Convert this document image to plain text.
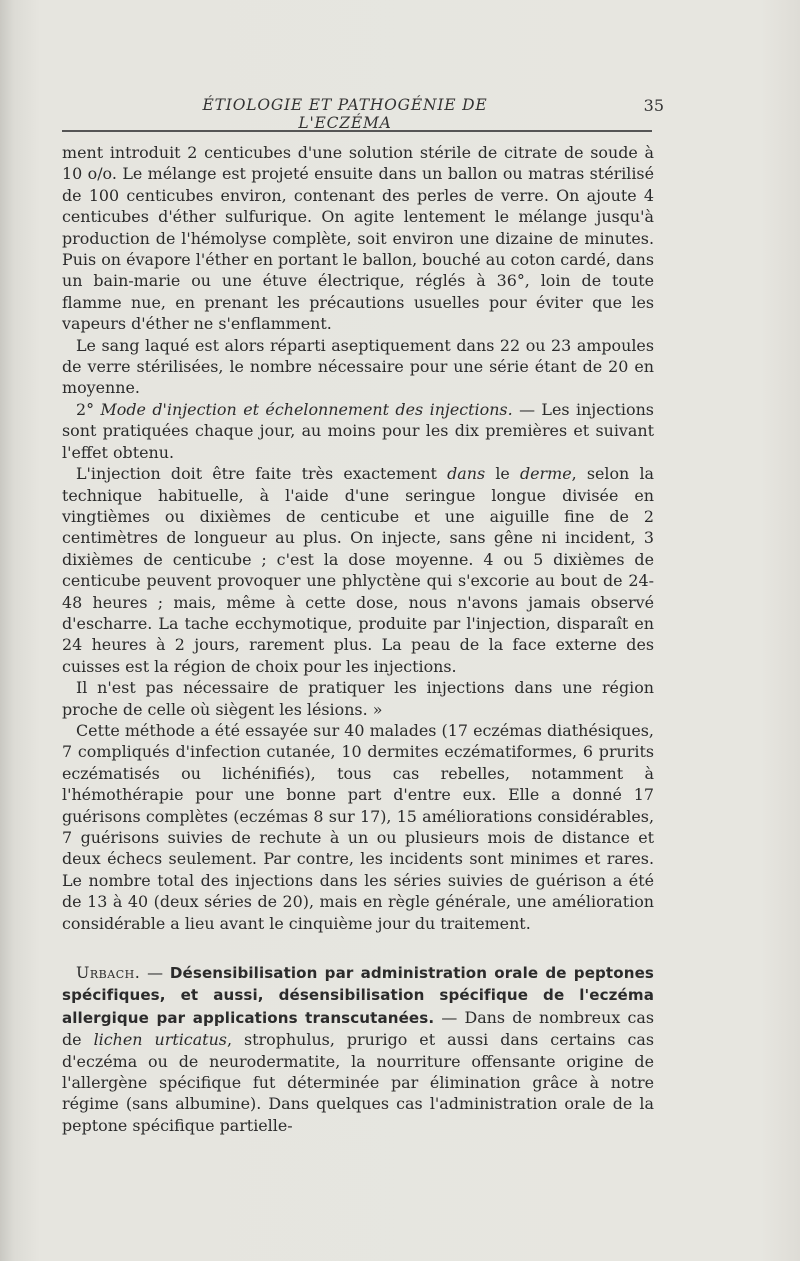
ÉTIOLOGIE ET PATHOGÉNIE DE L'ECZÉMA
35

ment introduit 2 centicubes d'une solution stérile de citrate de soude à 10 o/o. Le mélange est projeté ensuite dans un ballon ou matras stérilisé de 100 centicubes environ, contenant des perles de verre. On ajoute 4 centicubes d'éther sulfurique. On agite lentement le mélange jusqu'à production de l'hémolyse complète, soit environ une dizaine de minutes. Puis on évapore l'éther en portant le ballon, bouché au coton cardé, dans un bain-marie ou une étuve électrique, réglés à 36°, loin de toute flamme nue, en prenant les précautions usuelles pour éviter que les vapeurs d'éther ne s'enflamment.

Le sang laqué est alors réparti aseptiquement dans 22 ou 23 ampoules de verre stérilisées, le nombre nécessaire pour une série étant de 20 en moyenne.

2° Mode d'injection et échelonnement des injections. — Les injections sont pratiquées chaque jour, au moins pour les dix premières et suivant l'effet obtenu.

L'injection doit être faite très exactement dans le derme, selon la technique habituelle, à l'aide d'une seringue longue divisée en vingtièmes ou dixièmes de centicube et une aiguille fine de 2 centimètres de longueur au plus. On injecte, sans gêne ni incident, 3 dixièmes de centicube ; c'est la dose moyenne. 4 ou 5 dixièmes de centicube peuvent provoquer une phlyctène qui s'excorie au bout de 24-48 heures ; mais, même à cette dose, nous n'avons jamais observé d'escharre. La tache ecchymotique, produite par l'injection, disparaît en 24 heures à 2 jours, rarement plus. La peau de la face externe des cuisses est la région de choix pour les injections.

Il n'est pas nécessaire de pratiquer les injections dans une région proche de celle où siègent les lésions. »

Cette méthode a été essayée sur 40 malades (17 eczémas diathésiques, 7 compliqués d'infection cutanée, 10 dermites eczématiformes, 6 prurits eczématisés ou lichénifiés), tous cas rebelles, notamment à l'hémothérapie pour une bonne part d'entre eux. Elle a donné 17 guérisons complètes (eczémas 8 sur 17), 15 améliorations considérables, 7 guérisons suivies de rechute à un ou plusieurs mois de distance et deux échecs seulement. Par contre, les incidents sont minimes et rares. Le nombre total des injections dans les séries suivies de guérison a été de 13 à 40 (deux séries de 20), mais en règle générale, une amélioration considérable a lieu avant le cinquième jour du traitement.

Urbach. — Désensibilisation par administration orale de peptones spécifiques, et aussi, désensibilisation spécifique de l'eczéma allergique par applications transcutanées. — Dans de nombreux cas de lichen urticatus, strophulus, prurigo et aussi dans certains cas d'eczéma ou de neurodermatite, la nourriture offensante origine de l'allergène spécifique fut déterminée par élimination grâce à notre régime (sans albumine). Dans quelques cas l'administration orale de la peptone spécifique partielle-
